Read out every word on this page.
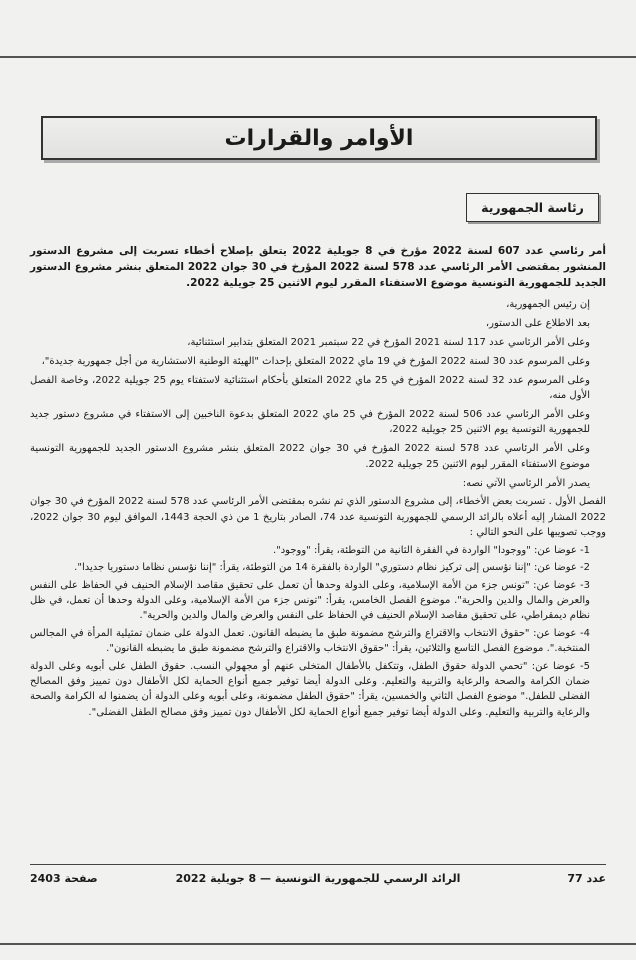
الأوامر والقرارات
رئاسة الجمهورية

أمر رئاسي عدد 607 لسنة 2022 مؤرخ في 8 جويلية 2022 يتعلق بإصلاح أخطاء تسربت إلى مشروع الدستور المنشور بمقتضى الأمر الرئاسي عدد 578 لسنة 2022 المؤرخ في 30 جوان 2022 المتعلق بنشر مشروع الدستور الجديد للجمهورية التونسية موضوع الاستفتاء المقرر ليوم الاثنين 25 جويلية 2022.

إن رئيس الجمهورية،

بعد الاطلاع على الدستور،

وعلى الأمر الرئاسي عدد 117 لسنة 2021 المؤرخ في 22 سبتمبر 2021 المتعلق بتدابير استثنائية،

وعلى المرسوم عدد 30 لسنة 2022 المؤرخ في 19 ماي 2022 المتعلق بإحداث "الهيئة الوطنية الاستشارية من أجل جمهورية جديدة"،

وعلى المرسوم عدد 32 لسنة 2022 المؤرخ في 25 ماي 2022 المتعلق بأحكام استثنائية لاستفتاء يوم 25 جويلية 2022، وخاصة الفصل الأول منه،

وعلى الأمر الرئاسي عدد 506 لسنة 2022 المؤرخ في 25 ماي 2022 المتعلق بدعوة الناخبين إلى الاستفتاء في مشروع دستور جديد للجمهورية التونسية يوم الاثنين 25 جويلية 2022،

وعلى الأمر الرئاسي عدد 578 لسنة 2022 المؤرخ في 30 جوان 2022 المتعلق بنشر مشروع الدستور الجديد للجمهورية التونسية موضوع الاستفتاء المقرر ليوم الاثنين 25 جويلية 2022.

يصدر الأمر الرئاسي الآتي نصه:

الفصل الأول . تسربت بعض الأخطاء، إلى مشروع الدستور الذي تم نشره بمقتضى الأمر الرئاسي عدد 578 لسنة 2022 المؤرخ في 30 جوان 2022 المشار إليه أعلاه بالرائد الرسمي للجمهورية التونسية عدد 74، الصادر بتاريخ 1 من ذي الحجة 1443، الموافق ليوم 30 جوان 2022، ووجب تصويبها على النحو التالي :

1- عوضا عن: "ووجودا" الواردة في الفقرة الثانية من التوطئة، يقرأ: "ووجود".

2- عوضا عن: "إننا نؤسس إلى تركيز نظام دستوري" الواردة بالفقرة 14 من التوطئة، يقرأ: "إننا نؤسس نظاما دستوريا جديدا".

3- عوضا عن: "تونس جزء من الأمة الإسلامية، وعلى الدولة وحدها أن تعمل على تحقيق مقاصد الإسلام الحنيف في الحفاظ على النفس والعرض والمال والدين والحرية". موضوع الفصل الخامس، يقرأ: "تونس جزء من الأمة الإسلامية، وعلى الدولة وحدها أن تعمل، في ظل نظام ديمقراطي، على تحقيق مقاصد الإسلام الحنيف في الحفاظ على النفس والعرض والمال والدين والحرية".

4- عوضا عن: "حقوق الانتخاب والاقتراع والترشح مضمونة طبق ما يضبطه القانون. تعمل الدولة على ضمان تمثيلية المرأة في المجالس المنتخبة.". موضوع الفصل التاسع والثلاثين، يقرأ: "حقوق الانتخاب والاقتراع والترشح مضمونة طبق ما يضبطه القانون".

5- عوضا عن: "تحمي الدولة حقوق الطفل، وتتكفل بالأطفال المتخلى عنهم أو مجهولي النسب. حقوق الطفل على أبويه وعلى الدولة ضمان الكرامة والصحة والرعاية والتربية والتعليم. وعلى الدولة أيضا توفير جميع أنواع الحماية لكل الأطفال دون تمييز وفق المصالح الفضلى للطفل." موضوع الفصل الثاني والخمسين، يقرأ: "حقوق الطفل مضمونة، وعلى أبويه وعلى الدولة أن يضمنوا له الكرامة والصحة والرعاية والتربية والتعليم. وعلى الدولة أيضا توفير جميع أنواع الحماية لكل الأطفال دون تمييز وفق مصالح الطفل الفضلى".

صفحة 2403	الرائد الرسمي للجمهورية التونسية — 8 جويلية 2022	عدد 77
